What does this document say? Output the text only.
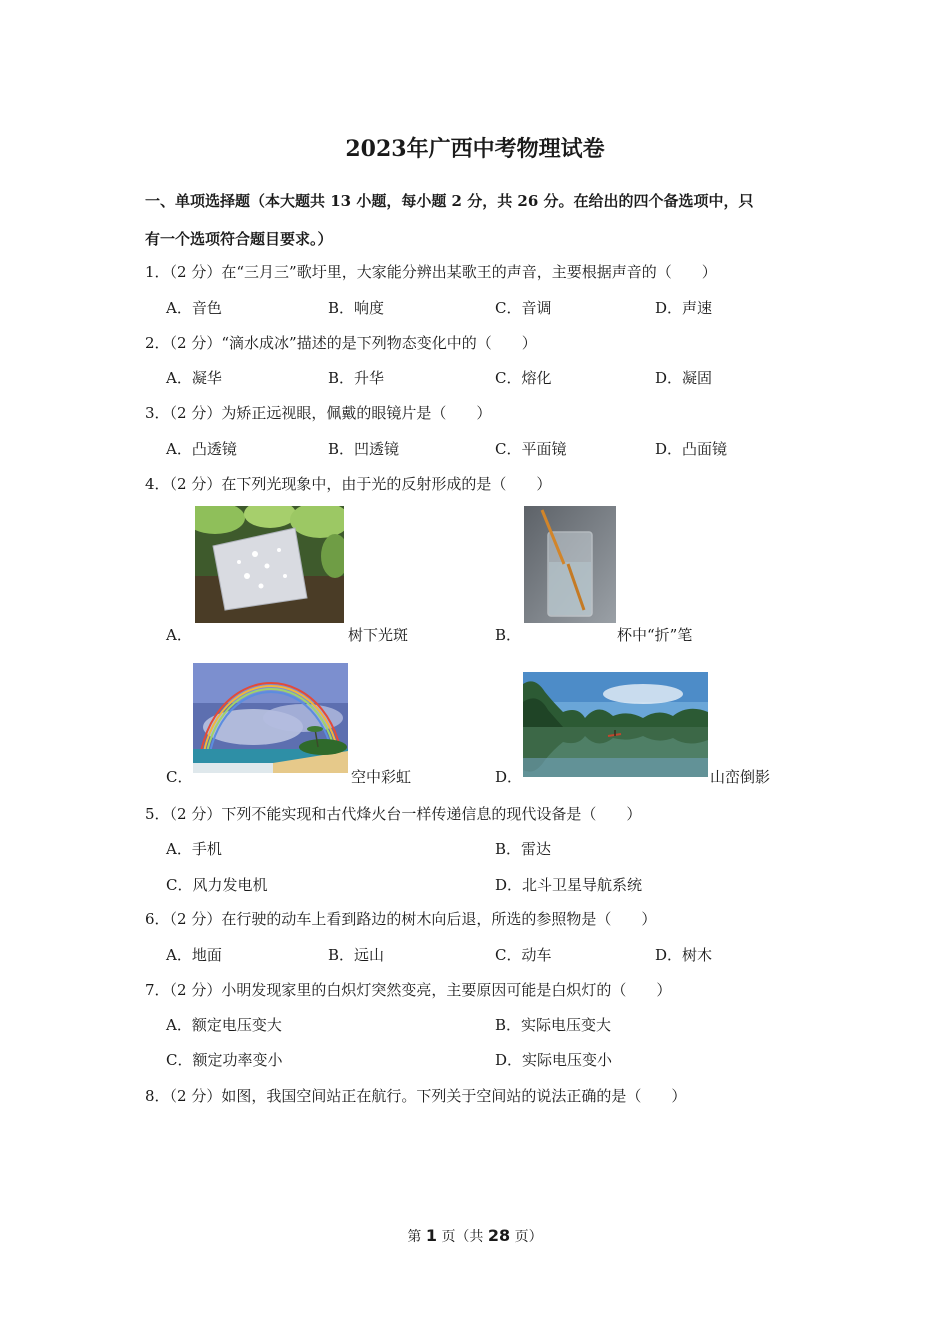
2023年广西中考物理试卷
一、单项选择题（本大题共 13 小题，每小题 2 分，共 26 分。在给出的四个备选项中，只
有一个选项符合题目要求。）
1．（2 分）在“三月三”歌圩里，大家能分辨出某歌王的声音，主要根据声音的（　　）
A．音色	B．响度	C．音调	D．声速
2．（2 分）“滴水成冰”描述的是下列物态变化中的（　　）
A．凝华	B．升华	C．熔化	D．凝固
3．（2 分）为矫正远视眼，佩戴的眼镜片是（　　）
A．凸透镜	B．凹透镜	C．平面镜	D．凸面镜
4．（2 分）在下列光现象中，由于光的反射形成的是（　　）
A．	树下光斑	B．	杯中“折”笔
C．	空中彩虹	D．	山峦倒影
5．（2 分）下列不能实现和古代烽火台一样传递信息的现代设备是（　　）
A．手机	B．雷达
C．风力发电机	D．北斗卫星导航系统
6．（2 分）在行驶的动车上看到路边的树木向后退，所选的参照物是（　　）
A．地面	B．远山	C．动车	D．树木
7．（2 分）小明发现家里的白炽灯突然变亮，主要原因可能是白炽灯的（　　）
A．额定电压变大	B．实际电压变大
C．额定功率变小	D．实际电压变小
8．（2 分）如图，我国空间站正在航行。下列关于空间站的说法正确的是（　　）
第 1 页（共 28 页）
